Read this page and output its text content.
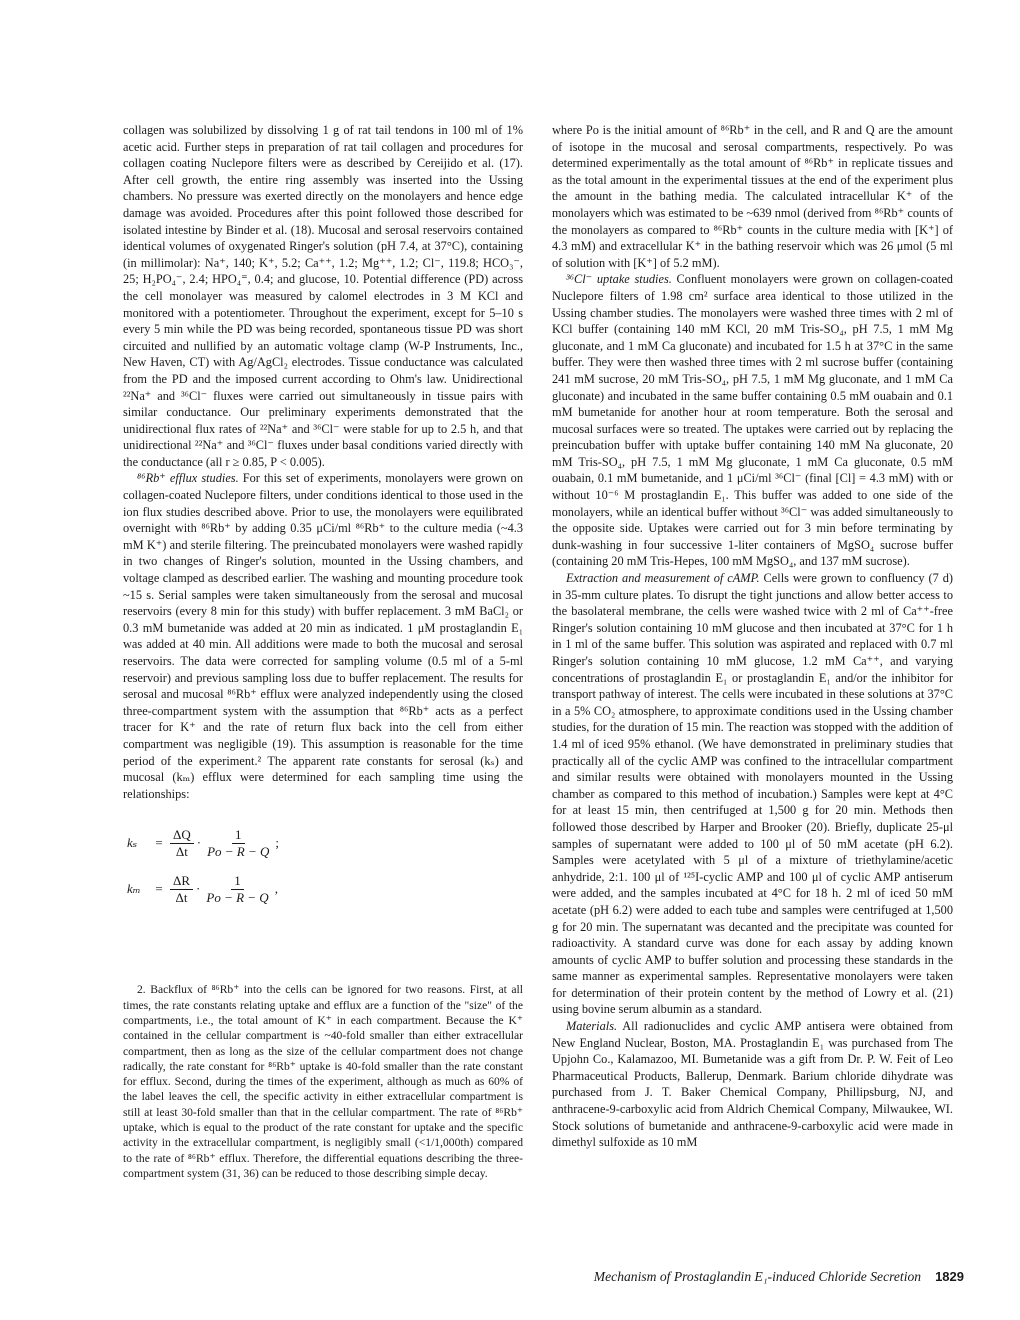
collagen was solubilized by dissolving 1 g of rat tail tendons in 100 ml of 1% acetic acid. Further steps in preparation of rat tail collagen and procedures for collagen coating Nuclepore filters were as described by Cereijido et al. (17). After cell growth, the entire ring assembly was inserted into the Ussing chambers. No pressure was exerted directly on the monolayers and hence edge damage was avoided. Procedures after this point followed those described for isolated intestine by Binder et al. (18). Mucosal and serosal reservoirs contained identical volumes of oxygenated Ringer's solution (pH 7.4, at 37°C), containing (in millimolar): Na⁺, 140; K⁺, 5.2; Ca⁺⁺, 1.2; Mg⁺⁺, 1.2; Cl⁻, 119.8; HCO₃⁻, 25; H₂PO₄⁻, 2.4; HPO₄⁼, 0.4; and glucose, 10. Potential difference (PD) across the cell monolayer was measured by calomel electrodes in 3 M KCl and monitored with a potentiometer. Throughout the experiment, except for 5–10 s every 5 min while the PD was being recorded, spontaneous tissue PD was short circuited and nullified by an automatic voltage clamp (W-P Instruments, Inc., New Haven, CT) with Ag/AgCl₂ electrodes. Tissue conductance was calculated from the PD and the imposed current according to Ohm's law. Unidirectional ²²Na⁺ and ³⁶Cl⁻ fluxes were carried out simultaneously in tissue pairs with similar conductance. Our preliminary experiments demonstrated that the unidirectional flux rates of ²²Na⁺ and ³⁶Cl⁻ were stable for up to 2.5 h, and that unidirectional ²²Na⁺ and ³⁶Cl⁻ fluxes under basal conditions varied directly with the conductance (all r ≥ 0.85, P < 0.005).

⁸⁶Rb⁺ efflux studies. For this set of experiments, monolayers were grown on collagen-coated Nuclepore filters, under conditions identical to those used in the ion flux studies described above. Prior to use, the monolayers were equilibrated overnight with ⁸⁶Rb⁺ by adding 0.35 μCi/ml ⁸⁶Rb⁺ to the culture media (~4.3 mM K⁺) and sterile filtering. The preincubated monolayers were washed rapidly in two changes of Ringer's solution, mounted in the Ussing chambers, and voltage clamped as described earlier. The washing and mounting procedure took ~15 s. Serial samples were taken simultaneously from the serosal and mucosal reservoirs (every 8 min for this study) with buffer replacement. 3 mM BaCl₂ or 0.3 mM bumetanide was added at 20 min as indicated. 1 μM prostaglandin E₁ was added at 40 min. All additions were made to both the mucosal and serosal reservoirs. The data were corrected for sampling volume (0.5 ml of a 5-ml reservoir) and previous sampling loss due to buffer replacement. The results for serosal and mucosal ⁸⁶Rb⁺ efflux were analyzed independently using the closed three-compartment system with the assumption that ⁸⁶Rb⁺ acts as a perfect tracer for K⁺ and the rate of return flux back into the cell from either compartment was negligible (19). This assumption is reasonable for the time period of the experiment.² The apparent rate constants for serosal (kₛ) and mucosal (kₘ) efflux were determined for each sampling time using the relationships:

kₛ	= $\frac{\Delta Q}{\Delta t} \cdot \frac{1}{Po - R - Q}$ ;
kₘ	= $\frac{\Delta R}{\Delta t} \cdot \frac{1}{Po - R - Q}$ ,

2. Backflux of ⁸⁶Rb⁺ into the cells can be ignored for two reasons. First, at all times, the rate constants relating uptake and efflux are a function of the "size" of the compartments, i.e., the total amount of K⁺ in each compartment. Because the K⁺ contained in the cellular compartment is ~40-fold smaller than either extracellular compartment, then as long as the size of the cellular compartment does not change radically, the rate constant for ⁸⁶Rb⁺ uptake is 40-fold smaller than the rate constant for efflux. Second, during the times of the experiment, although as much as 60% of the label leaves the cell, the specific activity in either extracellular compartment is still at least 30-fold smaller than that in the cellular compartment. The rate of ⁸⁶Rb⁺ uptake, which is equal to the product of the rate constant for uptake and the specific activity in the extracellular compartment, is negligibly small (<1/1,000th) compared to the rate of ⁸⁶Rb⁺ efflux. Therefore, the differential equations describing the three-compartment system (31, 36) can be reduced to those describing simple decay.

where Po is the initial amount of ⁸⁶Rb⁺ in the cell, and R and Q are the amount of isotope in the mucosal and serosal compartments, respectively. Po was determined experimentally as the total amount of ⁸⁶Rb⁺ in replicate tissues and as the total amount in the experimental tissues at the end of the experiment plus the amount in the bathing media. The calculated intracellular K⁺ of the monolayers which was estimated to be ~639 nmol (derived from ⁸⁶Rb⁺ counts of the monolayers as compared to ⁸⁶Rb⁺ counts in the culture media with [K⁺] of 4.3 mM) and extracellular K⁺ in the bathing reservoir which was 26 μmol (5 ml of solution with [K⁺] of 5.2 mM).

³⁶Cl⁻ uptake studies. Confluent monolayers were grown on collagen-coated Nuclepore filters of 1.98 cm² surface area identical to those utilized in the Ussing chamber studies. The monolayers were washed three times with 2 ml of KCl buffer (containing 140 mM KCl, 20 mM Tris-SO₄, pH 7.5, 1 mM Mg gluconate, and 1 mM Ca gluconate) and incubated for 1.5 h at 37°C in the same buffer. They were then washed three times with 2 ml sucrose buffer (containing 241 mM sucrose, 20 mM Tris-SO₄, pH 7.5, 1 mM Mg gluconate, and 1 mM Ca gluconate) and incubated in the same buffer containing 0.5 mM ouabain and 0.1 mM bumetanide for another hour at room temperature. Both the serosal and mucosal surfaces were so treated. The uptakes were carried out by replacing the preincubation buffer with uptake buffer containing 140 mM Na gluconate, 20 mM Tris-SO₄, pH 7.5, 1 mM Mg gluconate, 1 mM Ca gluconate, 0.5 mM ouabain, 0.1 mM bumetanide, and 1 μCi/ml ³⁶Cl⁻ (final [Cl] = 4.3 mM) with or without 10⁻⁶ M prostaglandin E₁. This buffer was added to one side of the monolayers, while an identical buffer without ³⁶Cl⁻ was added simultaneously to the opposite side. Uptakes were carried out for 3 min before terminating by dunk-washing in four successive 1-liter containers of MgSO₄ sucrose buffer (containing 20 mM Tris-Hepes, 100 mM MgSO₄, and 137 mM sucrose).

Extraction and measurement of cAMP. Cells were grown to confluency (7 d) in 35-mm culture plates. To disrupt the tight junctions and allow better access to the basolateral membrane, the cells were washed twice with 2 ml of Ca⁺⁺-free Ringer's solution containing 10 mM glucose and then incubated at 37°C for 1 h in 1 ml of the same buffer. This solution was aspirated and replaced with 0.7 ml Ringer's solution containing 10 mM glucose, 1.2 mM Ca⁺⁺, and varying concentrations of prostaglandin E₁ or prostaglandin E₁ and/or the inhibitor for transport pathway of interest. The cells were incubated in these solutions at 37°C in a 5% CO₂ atmosphere, to approximate conditions used in the Ussing chamber studies, for the duration of 15 min. The reaction was stopped with the addition of 1.4 ml of iced 95% ethanol. (We have demonstrated in preliminary studies that practically all of the cyclic AMP was confined to the intracellular compartment and similar results were obtained with monolayers mounted in the Ussing chamber as compared to this method of incubation.) Samples were kept at 4°C for at least 15 min, then centrifuged at 1,500 g for 20 min. Methods then followed those described by Harper and Brooker (20). Briefly, duplicate 25-μl samples of supernatant were added to 100 μl of 50 mM acetate (pH 6.2). Samples were acetylated with 5 μl of a mixture of triethylamine/acetic anhydride, 2:1. 100 μl of ¹²⁵I-cyclic AMP and 100 μl of cyclic AMP antiserum were added, and the samples incubated at 4°C for 18 h. 2 ml of iced 50 mM acetate (pH 6.2) were added to each tube and samples were centrifuged at 1,500 g for 20 min. The supernatant was decanted and the precipitate was counted for radioactivity. A standard curve was done for each assay by adding known amounts of cyclic AMP to buffer solution and processing these standards in the same manner as experimental samples. Representative monolayers were taken for determination of their protein content by the method of Lowry et al. (21) using bovine serum albumin as a standard.

Materials. All radionuclides and cyclic AMP antisera were obtained from New England Nuclear, Boston, MA. Prostaglandin E₁ was purchased from The Upjohn Co., Kalamazoo, MI. Bumetanide was a gift from Dr. P. W. Feit of Leo Pharmaceutical Products, Ballerup, Denmark. Barium chloride dihydrate was purchased from J. T. Baker Chemical Company, Phillipsburg, NJ, and anthracene-9-carboxylic acid from Aldrich Chemical Company, Milwaukee, WI. Stock solutions of bumetanide and anthracene-9-carboxylic acid were made in dimethyl sulfoxide as 10 mM

Mechanism of Prostaglandin E₁-induced Chloride Secretion 1829
